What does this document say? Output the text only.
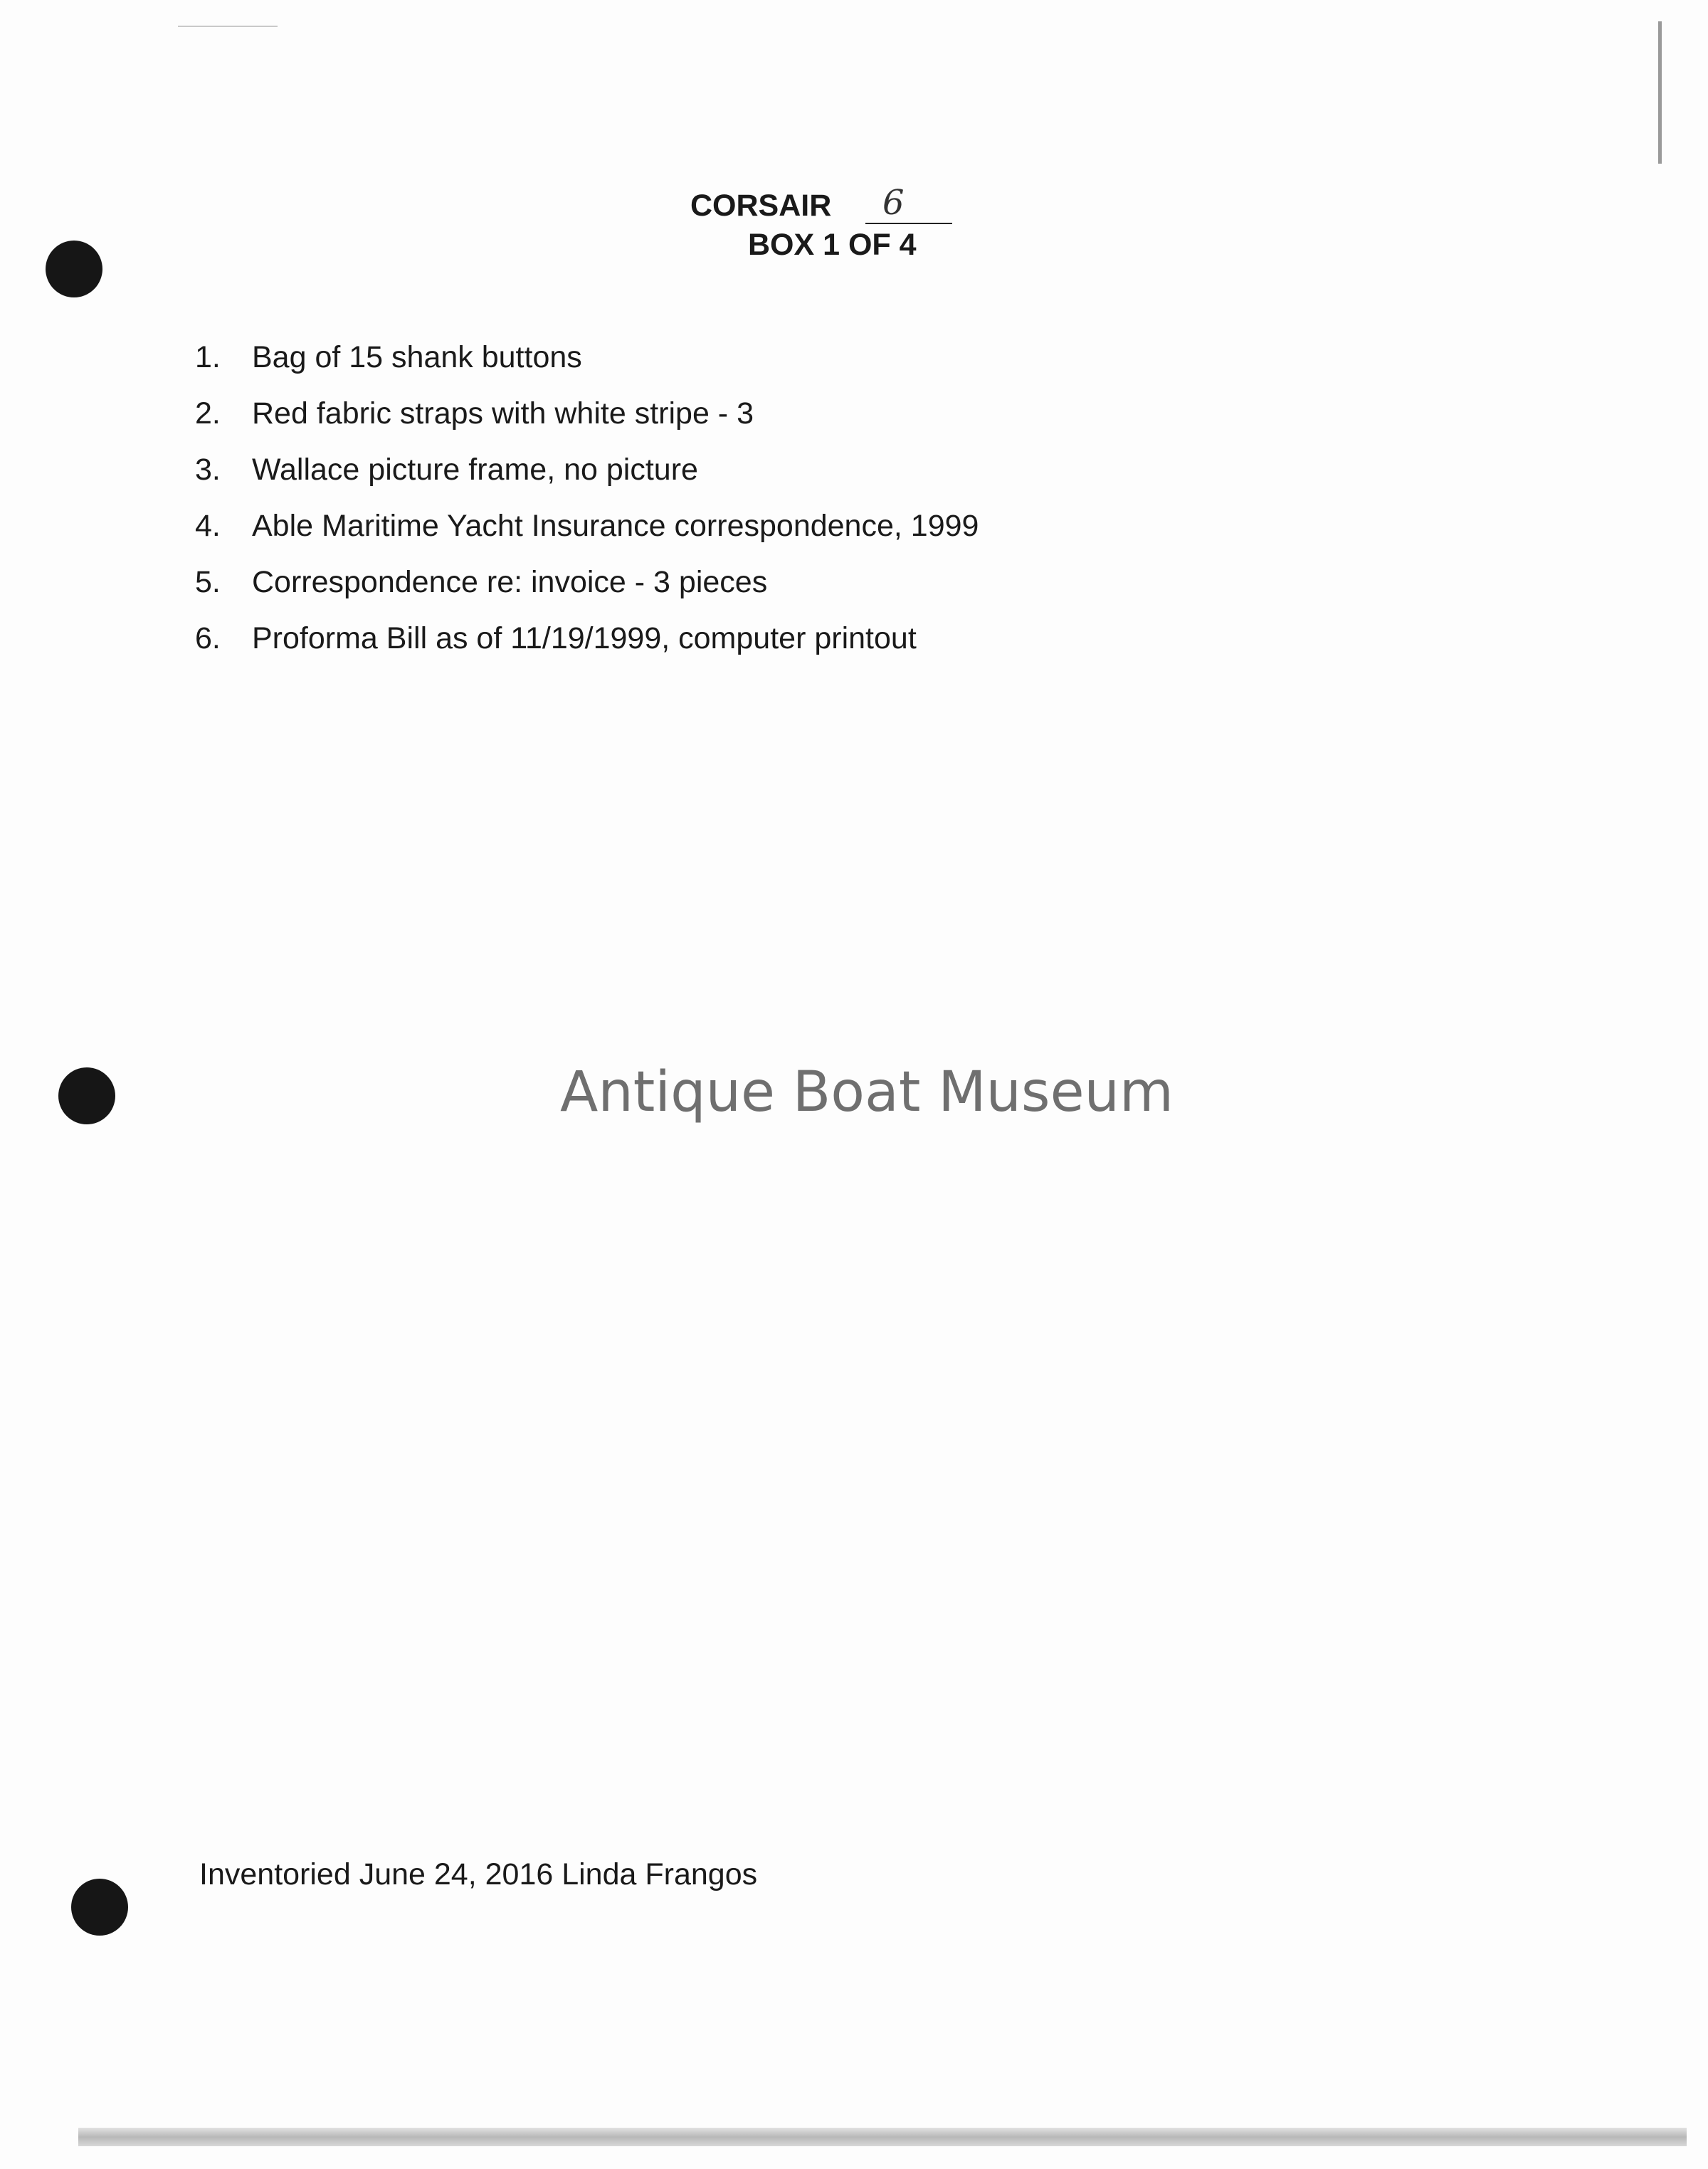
CORSAIR 6
BOX 1 OF 4
1. Bag of 15 shank buttons
2. Red fabric straps with white stripe - 3
3. Wallace picture frame, no picture
4. Able Maritime Yacht Insurance correspondence, 1999
5. Correspondence re: invoice - 3 pieces
6. Proforma Bill as of 11/19/1999, computer printout
Antique Boat Museum
Inventoried June 24, 2016 Linda Frangos
